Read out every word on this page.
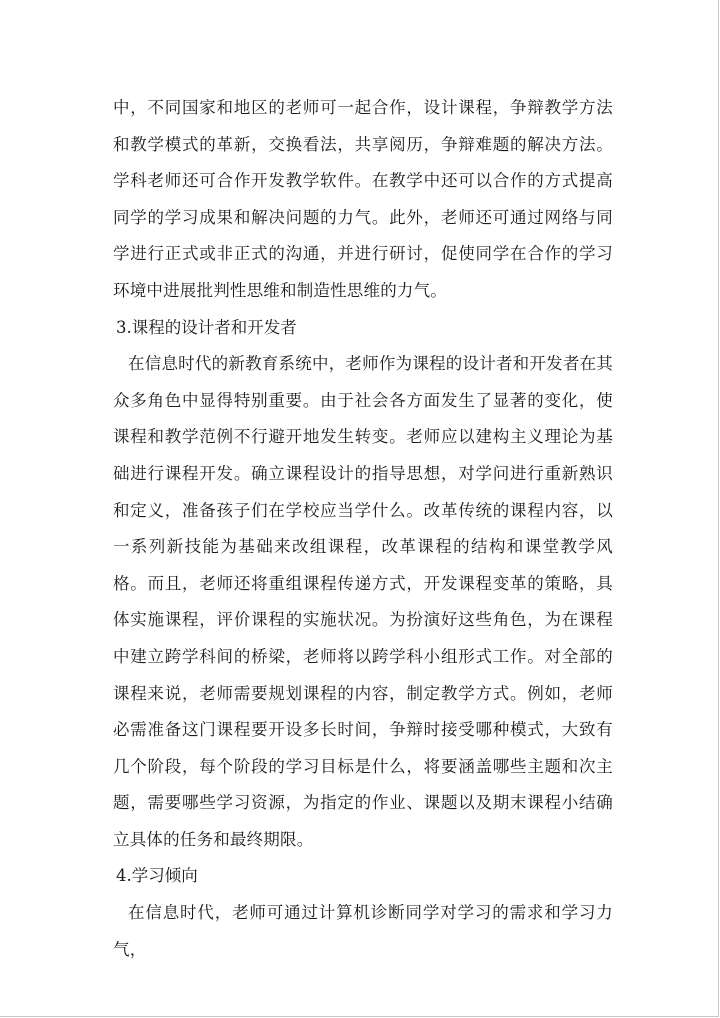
中，不同国家和地区的老师可一起合作，设计课程，争辩教学方法和教学模式的革新，交换看法，共享阅历，争辩难题的解决方法。学科老师还可合作开发教学软件。在教学中还可以合作的方式提高同学的学习成果和解决问题的力气。此外，老师还可通过网络与同学进行正式或非正式的沟通，并进行研讨，促使同学在合作的学习环境中进展批判性思维和制造性思维的力气。

3.课程的设计者和开发者

在信息时代的新教育系统中，老师作为课程的设计者和开发者在其众多角色中显得特别重要。由于社会各方面发生了显著的变化，使课程和教学范例不行避开地发生转变。老师应以建构主义理论为基础进行课程开发。确立课程设计的指导思想，对学问进行重新熟识和定义，准备孩子们在学校应当学什么。改革传统的课程内容，以一系列新技能为基础来改组课程，改革课程的结构和课堂教学风格。而且，老师还将重组课程传递方式，开发课程变革的策略，具体实施课程，评价课程的实施状况。为扮演好这些角色，为在课程中建立跨学科间的桥梁，老师将以跨学科小组形式工作。对全部的课程来说，老师需要规划课程的内容，制定教学方式。例如，老师必需准备这门课程要开设多长时间，争辩时接受哪种模式，大致有几个阶段，每个阶段的学习目标是什么，将要涵盖哪些主题和次主题，需要哪些学习资源，为指定的作业、课题以及期末课程小结确立具体的任务和最终期限。

4.学习倾向

在信息时代，老师可通过计算机诊断同学对学习的需求和学习力气，
